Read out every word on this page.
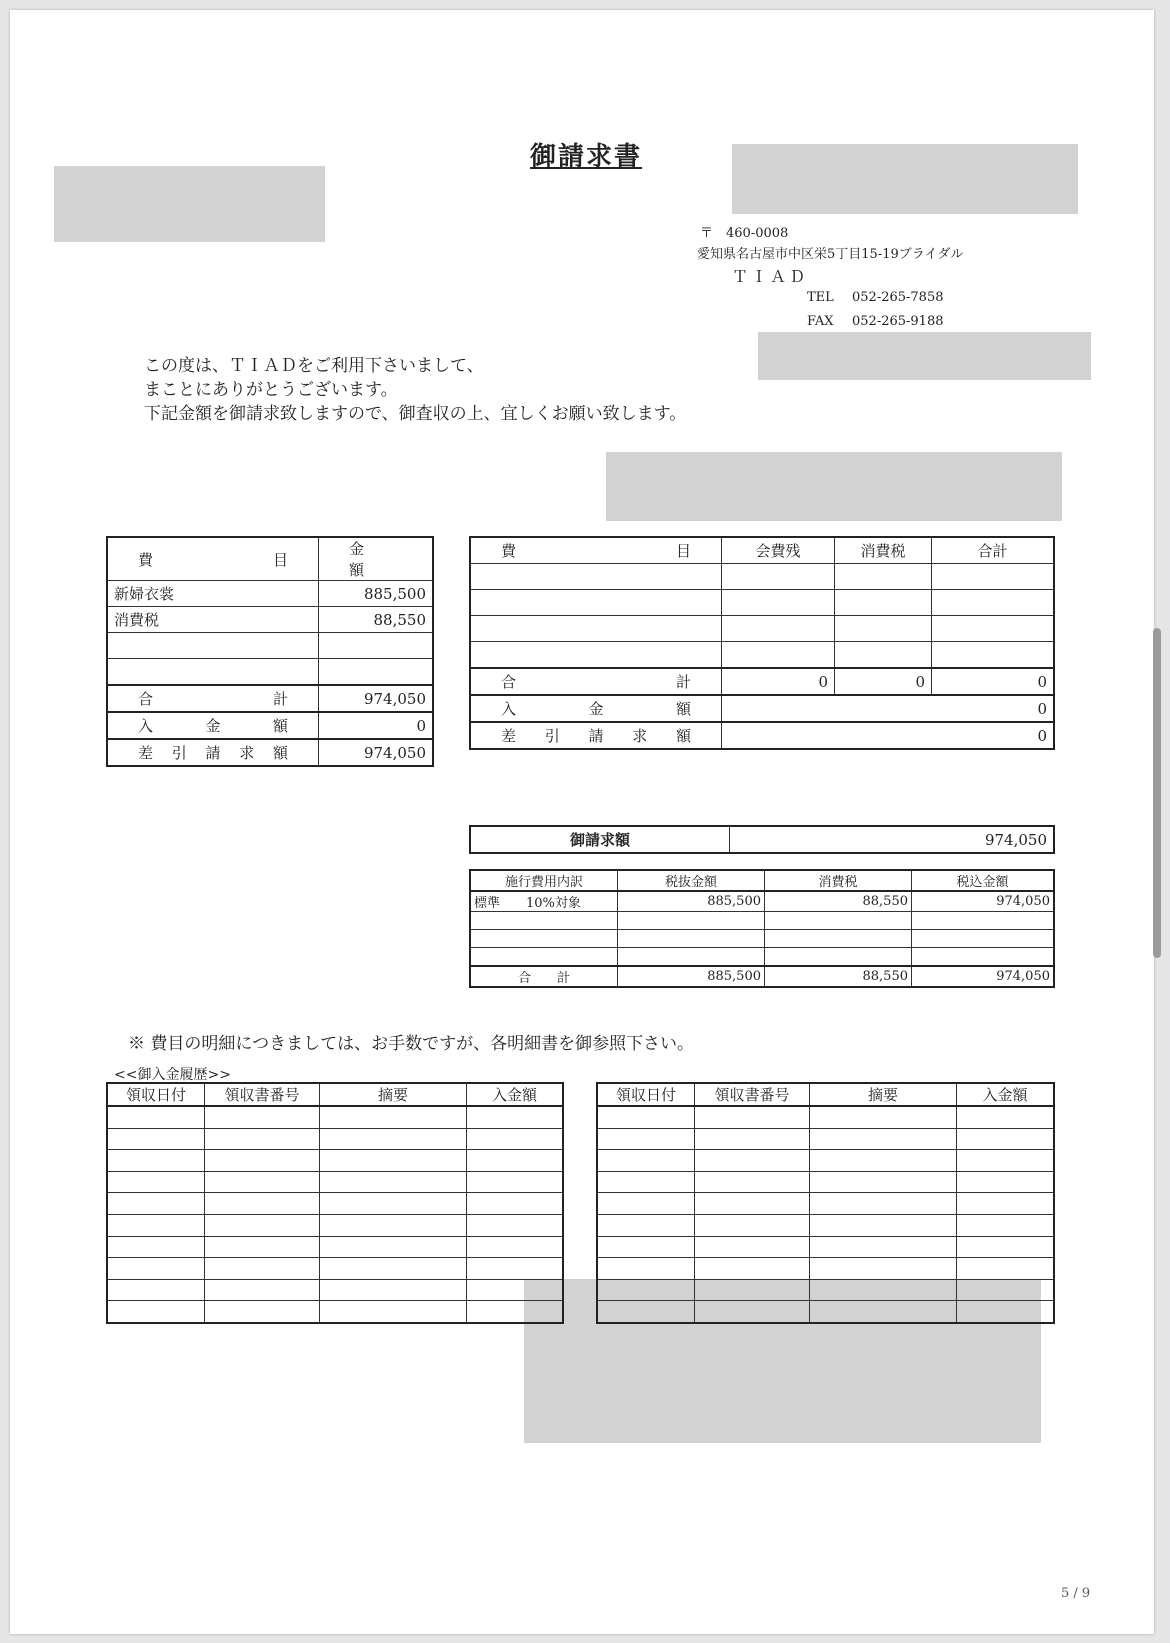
御請求書
〒　460-0008
愛知県名古屋市中区栄5丁目15-19ブライダル
ＴＩＡＤ
TEL 052-265-7858
FAX 052-265-9188
この度は、ＴＩＡＤをご利用下さいまして、
まことにありがとうございます。
下記金額を御請求致しますので、御査収の上、宜しくお願い致します。
費　　目	金　　額
新婦衣裳	885,500
消費税	88,550

合　　計	974,050
入　金　額	0
差引請求額	974,050
費　　目	会費残	消費税	合計

合　　計	0	0	0
入　金　額	0		
差引請求額	0		
御請求額	974,050
施行費用内訳	税抜金額	消費税	税込金額
標準 10%対象	885,500	88,550	974,050

合　　計	885,500	88,550	974,050
※ 費目の明細につきましては、お手数ですが、各明細書を御参照下さい。
<<御入金履歴>>
領収日付	領収書番号	摘要	入金額

				領収日付	領収書番号	摘要	入金額

5 / 9
